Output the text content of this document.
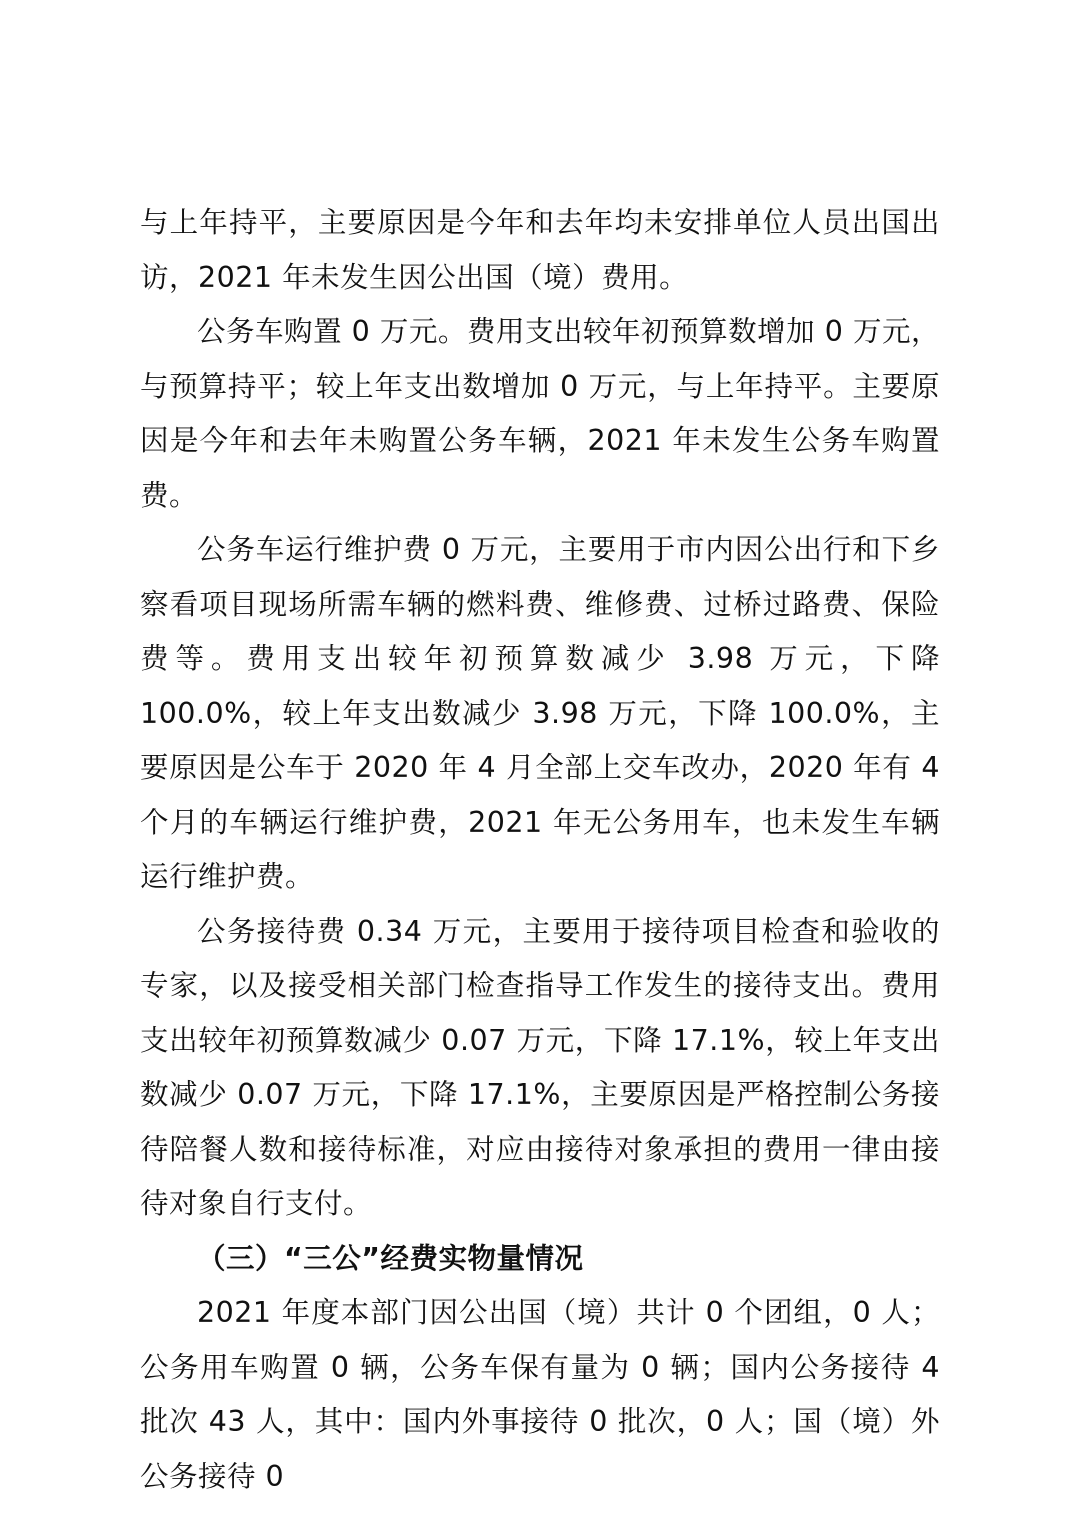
与上年持平，主要原因是今年和去年均未安排单位人员出国出访，2021 年未发生因公出国（境）费用。

公务车购置 0 万元。费用支出较年初预算数增加 0 万元，与预算持平；较上年支出数增加 0 万元，与上年持平。主要原因是今年和去年未购置公务车辆，2021 年未发生公务车购置费。

公务车运行维护费 0 万元，主要用于市内因公出行和下乡察看项目现场所需车辆的燃料费、维修费、过桥过路费、保险费等。费用支出较年初预算数减少 3.98 万元，下降 100.0%，较上年支出数减少 3.98 万元，下降 100.0%，主要原因是公车于 2020 年 4 月全部上交车改办，2020 年有 4 个月的车辆运行维护费，2021 年无公务用车，也未发生车辆运行维护费。

公务接待费 0.34 万元，主要用于接待项目检查和验收的专家，以及接受相关部门检查指导工作发生的接待支出。费用支出较年初预算数减少 0.07 万元，下降 17.1%，较上年支出数减少 0.07 万元，下降 17.1%，主要原因是严格控制公务接待陪餐人数和接待标准，对应由接待对象承担的费用一律由接待对象自行支付。

（三）“三公”经费实物量情况

2021 年度本部门因公出国（境）共计 0 个团组，0 人；公务用车购置 0 辆，公务车保有量为 0 辆；国内公务接待 4 批次 43 人，其中：国内外事接待 0 批次，0 人；国（境）外公务接待 0
